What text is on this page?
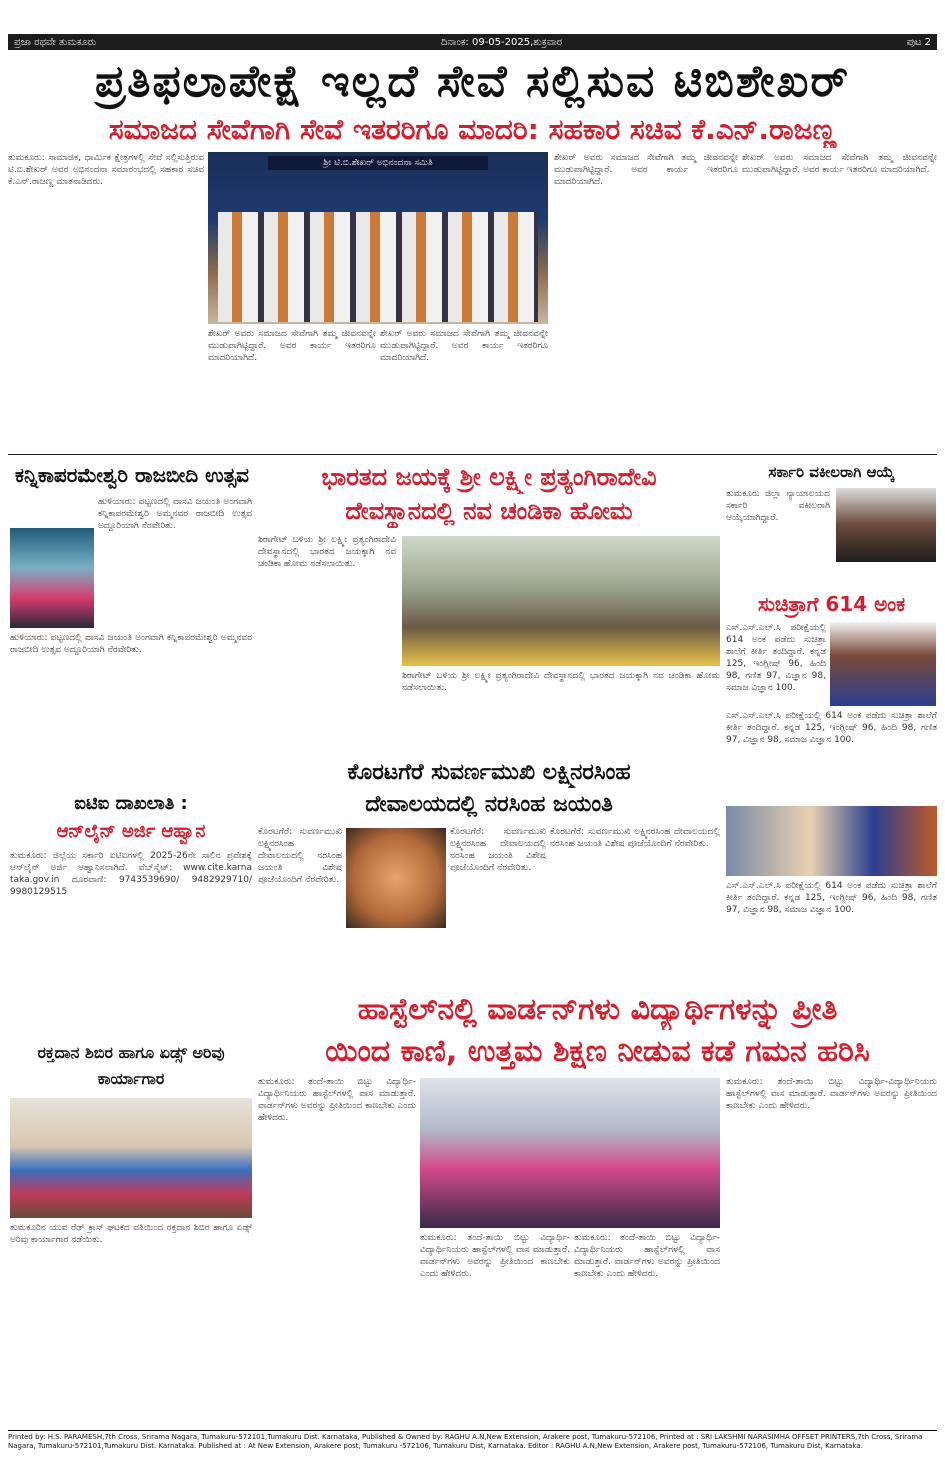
ಪ್ರಜಾ ರಥವೇ ತುಮಕೂರು	ದಿನಾಂಕ: 09-05-2025,ಶುಕ್ರವಾರ	ಪುಟ 2
ಪ್ರತಿಫಲಾಪೇಕ್ಷೆ ಇಲ್ಲದೆ ಸೇವೆ ಸಲ್ಲಿಸುವ ಟಿಬಿಶೇಖರ್
ಸಮಾಜದ ಸೇವೆಗಾಗಿ ಸೇವೆ ಇತರರಿಗೂ ಮಾದರಿ: ಸಹಕಾರ ಸಚಿವ ಕೆ.ಎನ್.ರಾಜಣ್ಣ
ತುಮಕೂರು: ಸಾಮಾಜಿಕ, ಧಾರ್ಮಿಕ ಕ್ಷೇತ್ರಗಳಲ್ಲಿ ಸೇವೆ ಸಲ್ಲಿಸುತ್ತಿರುವ ಟಿ.ಬಿ.ಶೇಖರ್ ಅವರ ಅಭಿನಂದನಾ ಸಮಾರಂಭದಲ್ಲಿ ಸಹಕಾರ ಸಚಿವ ಕೆ.ಎನ್.ರಾಜಣ್ಣ ಮಾತನಾಡಿದರು.
ಶ್ರೀ ಟಿ.ಬಿ.ಶೇಖರ್ ಅಭಿನಂದನಾ ಸಮಿತಿ
ಶೇಖರ್ ಅವರು ಸಮಾಜದ ಸೇವೆಗಾಗಿ ತಮ್ಮ ಜೀವನವನ್ನೇ ಮುಡುಪಾಗಿಟ್ಟಿದ್ದಾರೆ. ಅವರ ಕಾರ್ಯ ಇತರರಿಗೂ ಮಾದರಿಯಾಗಿದೆ.
ಶೇಖರ್ ಅವರು ಸಮಾಜದ ಸೇವೆಗಾಗಿ ತಮ್ಮ ಜೀವನವನ್ನೇ ಮುಡುಪಾಗಿಟ್ಟಿದ್ದಾರೆ. ಅವರ ಕಾರ್ಯ ಇತರರಿಗೂ ಮಾದರಿಯಾಗಿದೆ.
ಶೇಖರ್ ಅವರು ಸಮಾಜದ ಸೇವೆಗಾಗಿ ತಮ್ಮ ಜೀವನವನ್ನೇ ಮುಡುಪಾಗಿಟ್ಟಿದ್ದಾರೆ. ಅವರ ಕಾರ್ಯ ಇತರರಿಗೂ ಮಾದರಿಯಾಗಿದೆ.
ಶೇಖರ್ ಅವರು ಸಮಾಜದ ಸೇವೆಗಾಗಿ ತಮ್ಮ ಜೀವನವನ್ನೇ ಮುಡುಪಾಗಿಟ್ಟಿದ್ದಾರೆ. ಅವರ ಕಾರ್ಯ ಇತರರಿಗೂ ಮಾದರಿಯಾಗಿದೆ.
ಕನ್ನಿಕಾಪರಮೇಶ್ವರಿ ರಾಜಬೀದಿ ಉತ್ಸವ
ಹುಳಿಯಾರು: ಪಟ್ಟಣದಲ್ಲಿ ವಾಸವಿ ಜಯಂತಿ ಅಂಗವಾಗಿ ಕನ್ನಿಕಾಪರಮೇಶ್ವರಿ ಅಮ್ಮನವರ ರಾಜಬೀದಿ ಉತ್ಸವ ಅದ್ದೂರಿಯಾಗಿ ನೆರವೇರಿತು.
ಹುಳಿಯಾರು: ಪಟ್ಟಣದಲ್ಲಿ ವಾಸವಿ ಜಯಂತಿ ಅಂಗವಾಗಿ ಕನ್ನಿಕಾಪರಮೇಶ್ವರಿ ಅಮ್ಮನವರ ರಾಜಬೀದಿ ಉತ್ಸವ ಅದ್ದೂರಿಯಾಗಿ ನೆರವೇರಿತು.
ಐಟಿಐ ದಾಖಲಾತಿ :
ಆನ್‌ಲೈನ್ ಅರ್ಜಿ ಆಹ್ವಾನ
ತುಮಕೂರು: ಜಿಲ್ಲೆಯ ಸರ್ಕಾರಿ ಐಟಿಐಗಳಲ್ಲಿ 2025-26ನೇ ಸಾಲಿನ ಪ್ರವೇಶಕ್ಕೆ ಆನ್‌ಲೈನ್ ಅರ್ಜಿ ಆಹ್ವಾನಿಸಲಾಗಿದೆ. ವೆಬ್‌ಸೈಟ್: www.cite.karna taka.gov.in ದೂರವಾಣಿ: 9743539690/ 9482929710/ 9980129515
ರಕ್ತದಾನ ಶಿಬಿರ ಹಾಗೂ ಏಡ್ಸ್ ಅರಿವು ಕಾರ್ಯಾಗಾರ
ತುಮಕೂರಿನ ಯುವ ರೆಡ್ ಕ್ರಾಸ್ ಘಟಕದ ವತಿಯಿಂದ ರಕ್ತದಾನ ಶಿಬಿರ ಹಾಗೂ ಏಡ್ಸ್ ಅರಿವು ಕಾರ್ಯಾಗಾರ ನಡೆಯಿತು.
ಭಾರತದ ಜಯಕ್ಕೆ ಶ್ರೀ ಲಕ್ಷ್ಮೀ ಪ್ರತ್ಯಂಗಿರಾದೇವಿ
ದೇವಸ್ಥಾನದಲ್ಲಿ ನವ ಚಂಡಿಕಾ ಹೋಮ
ಶಿರಾಗೇಟ್ ಬಳಿಯ ಶ್ರೀ ಲಕ್ಷ್ಮೀ ಪ್ರತ್ಯಂಗಿರಾದೇವಿ ದೇವಸ್ಥಾನದಲ್ಲಿ ಭಾರತದ ಜಯಕ್ಕಾಗಿ ನವ ಚಂಡಿಕಾ ಹೋಮ ನಡೆಸಲಾಯಿತು.
ಶಿರಾಗೇಟ್ ಬಳಿಯ ಶ್ರೀ ಲಕ್ಷ್ಮೀ ಪ್ರತ್ಯಂಗಿರಾದೇವಿ ದೇವಸ್ಥಾನದಲ್ಲಿ ಭಾರತದ ಜಯಕ್ಕಾಗಿ ನವ ಚಂಡಿಕಾ ಹೋಮ ನಡೆಸಲಾಯಿತು.
ಕೊರಟಗೆರೆ ಸುವರ್ಣಮುಖಿ ಲಕ್ಷ್ಮಿನರಸಿಂಹ
ದೇವಾಲಯದಲ್ಲಿ ನರಸಿಂಹ ಜಯಂತಿ
ಕೊರಟಗೆರೆ: ಸುವರ್ಣಮುಖಿ ಲಕ್ಷ್ಮಿನರಸಿಂಹ ದೇವಾಲಯದಲ್ಲಿ ನರಸಿಂಹ ಜಯಂತಿ ವಿಶೇಷ ಪೂಜೆಯೊಂದಿಗೆ ನೆರವೇರಿತು.
ಕೊರಟಗೆರೆ: ಸುವರ್ಣಮುಖಿ ಲಕ್ಷ್ಮಿನರಸಿಂಹ ದೇವಾಲಯದಲ್ಲಿ ನರಸಿಂಹ ಜಯಂತಿ ವಿಶೇಷ ಪೂಜೆಯೊಂದಿಗೆ ನೆರವೇರಿತು.
ಕೊರಟಗೆರೆ: ಸುವರ್ಣಮುಖಿ ಲಕ್ಷ್ಮಿನರಸಿಂಹ ದೇವಾಲಯದಲ್ಲಿ ನರಸಿಂಹ ಜಯಂತಿ ವಿಶೇಷ ಪೂಜೆಯೊಂದಿಗೆ ನೆರವೇರಿತು.
ಸರ್ಕಾರಿ ವಕೀಲರಾಗಿ ಆಯ್ಕೆ
ತುಮಕೂರು ಜಿಲ್ಲಾ ನ್ಯಾಯಾಲಯದ ಸರ್ಕಾರಿ ವಕೀಲರಾಗಿ ಆಯ್ಕೆಯಾಗಿದ್ದಾರೆ.
ಸುಚಿತ್ರಾಗೆ 614 ಅಂಕ
ಎಸ್.ಎಸ್.ಎಲ್.ಸಿ ಪರೀಕ್ಷೆಯಲ್ಲಿ 614 ಅಂಕ ಪಡೆದು ಸುಚಿತ್ರಾ ಶಾಲೆಗೆ ಕೀರ್ತಿ ತಂದಿದ್ದಾರೆ. ಕನ್ನಡ 125, ಇಂಗ್ಲೀಷ್ 96, ಹಿಂದಿ 98, ಗಣಿತ 97, ವಿಜ್ಞಾನ 98, ಸಮಾಜ ವಿಜ್ಞಾನ 100.
ಎಸ್.ಎಸ್.ಎಲ್.ಸಿ ಪರೀಕ್ಷೆಯಲ್ಲಿ 614 ಅಂಕ ಪಡೆದು ಸುಚಿತ್ರಾ ಶಾಲೆಗೆ ಕೀರ್ತಿ ತಂದಿದ್ದಾರೆ. ಕನ್ನಡ 125, ಇಂಗ್ಲೀಷ್ 96, ಹಿಂದಿ 98, ಗಣಿತ 97, ವಿಜ್ಞಾನ 98, ಸಮಾಜ ವಿಜ್ಞಾನ 100.
ಎಸ್.ಎಸ್.ಎಲ್.ಸಿ ಪರೀಕ್ಷೆಯಲ್ಲಿ 614 ಅಂಕ ಪಡೆದು ಸುಚಿತ್ರಾ ಶಾಲೆಗೆ ಕೀರ್ತಿ ತಂದಿದ್ದಾರೆ. ಕನ್ನಡ 125, ಇಂಗ್ಲೀಷ್ 96, ಹಿಂದಿ 98, ಗಣಿತ 97, ವಿಜ್ಞಾನ 98, ಸಮಾಜ ವಿಜ್ಞಾನ 100.
ಹಾಸ್ಟೆಲ್‌ನಲ್ಲಿ ವಾರ್ಡನ್‌ಗಳು ವಿದ್ಯಾರ್ಥಿಗಳನ್ನು ಪ್ರೀತಿ
ಯಿಂದ ಕಾಣಿ, ಉತ್ತಮ ಶಿಕ್ಷಣ ನೀಡುವ ಕಡೆ ಗಮನ ಹರಿಸಿ
ತುಮಕೂರು: ತಂದೆ-ತಾಯಿ ಬಿಟ್ಟು ವಿದ್ಯಾರ್ಥಿ-ವಿದ್ಯಾರ್ಥಿನಿಯರು ಹಾಸ್ಟೆಲ್‌ಗಳಲ್ಲಿ ವಾಸ ಮಾಡುತ್ತಾರೆ. ವಾರ್ಡನ್‌ಗಳು ಅವರನ್ನು ಪ್ರೀತಿಯಿಂದ ಕಾಣಬೇಕು ಎಂದು ಹೇಳಿದರು.
ತುಮಕೂರು: ತಂದೆ-ತಾಯಿ ಬಿಟ್ಟು ವಿದ್ಯಾರ್ಥಿ-ವಿದ್ಯಾರ್ಥಿನಿಯರು ಹಾಸ್ಟೆಲ್‌ಗಳಲ್ಲಿ ವಾಸ ಮಾಡುತ್ತಾರೆ. ವಾರ್ಡನ್‌ಗಳು ಅವರನ್ನು ಪ್ರೀತಿಯಿಂದ ಕಾಣಬೇಕು ಎಂದು ಹೇಳಿದರು.
ತುಮಕೂರು: ತಂದೆ-ತಾಯಿ ಬಿಟ್ಟು ವಿದ್ಯಾರ್ಥಿ-ವಿದ್ಯಾರ್ಥಿನಿಯರು ಹಾಸ್ಟೆಲ್‌ಗಳಲ್ಲಿ ವಾಸ ಮಾಡುತ್ತಾರೆ. ವಾರ್ಡನ್‌ಗಳು ಅವರನ್ನು ಪ್ರೀತಿಯಿಂದ ಕಾಣಬೇಕು ಎಂದು ಹೇಳಿದರು.
ತುಮಕೂರು: ತಂದೆ-ತಾಯಿ ಬಿಟ್ಟು ವಿದ್ಯಾರ್ಥಿ-ವಿದ್ಯಾರ್ಥಿನಿಯರು ಹಾಸ್ಟೆಲ್‌ಗಳಲ್ಲಿ ವಾಸ ಮಾಡುತ್ತಾರೆ. ವಾರ್ಡನ್‌ಗಳು ಅವರನ್ನು ಪ್ರೀತಿಯಿಂದ ಕಾಣಬೇಕು ಎಂದು ಹೇಳಿದರು.
Printed by: H.S. PARAMESH,7th Cross, Srirama Nagara, Tumakuru-572101,Tumakuru Dist. Karnataka, Published & Owned by: RAGHU A.N,New Extension, Arakere post, Tumakuru-572106, Printed at : SRI LAKSHMI NARASIMHA OFFSET PRINTERS,7th Cross, Srirama Nagara, Tumakuru-572101,Tumakuru Dist. Karnataka. Published at : At New Extension, Arakere post, Tumakuru -572106, Tumakuru Dist, Karnataka. Editor : RAGHU A.N,New Extension, Arakere post, Tumakuru-572106, Tumakuru Dist, Karnataka.
